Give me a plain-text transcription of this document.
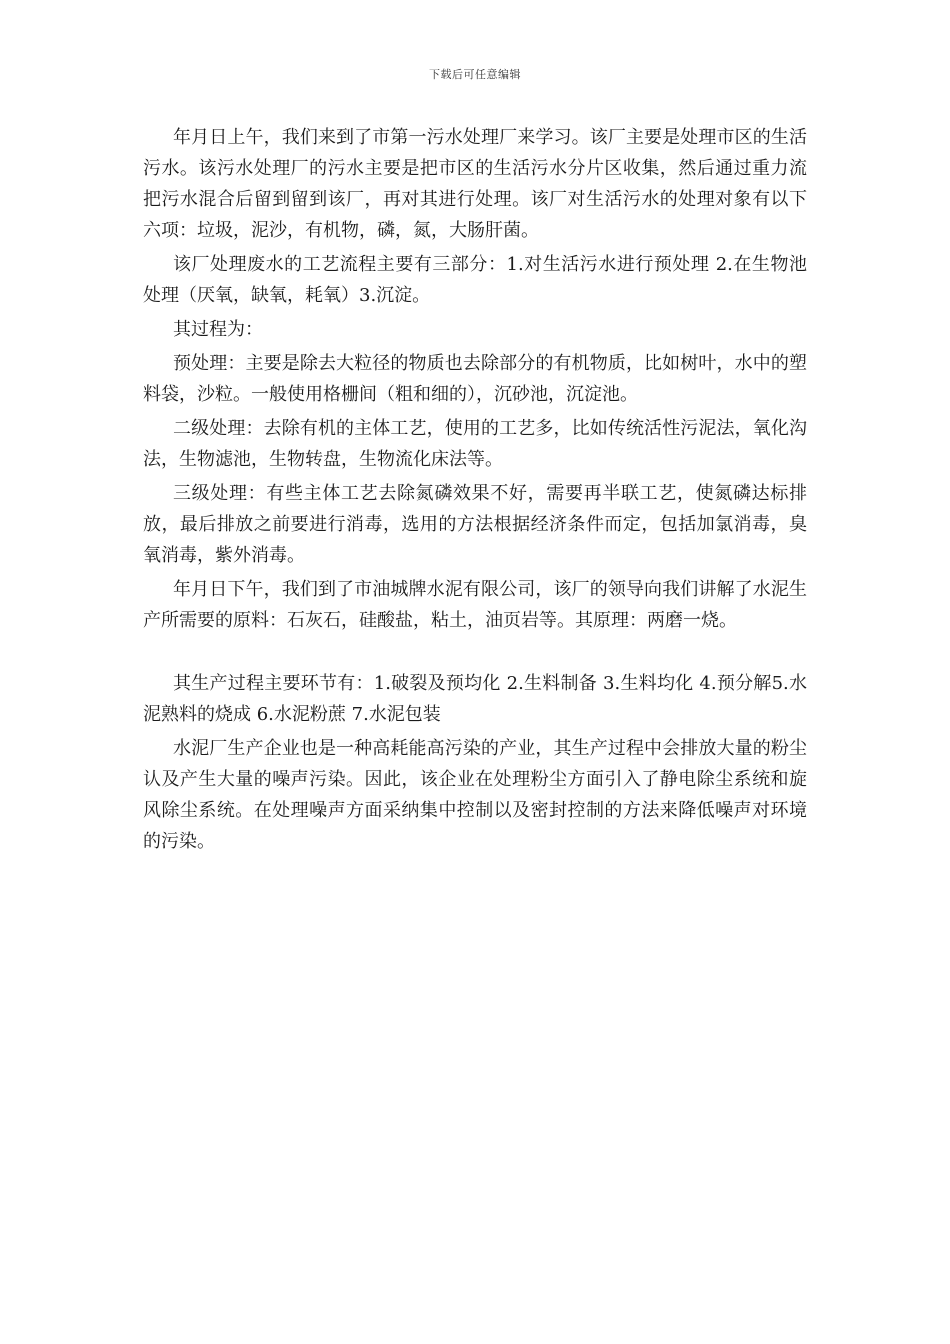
下载后可任意编辑

年月日上午，我们来到了市第一污水处理厂来学习。该厂主要是处理市区的生活污水。该污水处理厂的污水主要是把市区的生活污水分片区收集，然后通过重力流把污水混合后留到留到该厂，再对其进行处理。该厂对生活污水的处理对象有以下六项：垃圾，泥沙，有机物，磷，氮，大肠肝菌。

该厂处理废水的工艺流程主要有三部分：1.对生活污水进行预处理 2.在生物池处理（厌氧，缺氧，耗氧）3.沉淀。

其过程为：

预处理：主要是除去大粒径的物质也去除部分的有机物质，比如树叶，水中的塑料袋，沙粒。一般使用格栅间（粗和细的），沉砂池，沉淀池。

二级处理：去除有机的主体工艺，使用的工艺多，比如传统活性污泥法，氧化沟法，生物滤池，生物转盘，生物流化床法等。

三级处理：有些主体工艺去除氮磷效果不好，需要再半联工艺，使氮磷达标排放，最后排放之前要进行消毒，选用的方法根据经济条件而定，包括加氯消毒，臭氧消毒，紫外消毒。

年月日下午，我们到了市油城牌水泥有限公司，该厂的领导向我们讲解了水泥生产所需要的原料：石灰石，硅酸盐，粘土，油页岩等。其原理：两磨一烧。

其生产过程主要环节有：1.破裂及预均化 2.生料制备 3.生料均化 4.预分解5.水泥熟料的烧成 6.水泥粉蔗 7.水泥包装

水泥厂生产企业也是一种高耗能高污染的产业，其生产过程中会排放大量的粉尘认及产生大量的噪声污染。因此，该企业在处理粉尘方面引入了静电除尘系统和旋风除尘系统。在处理噪声方面采纳集中控制以及密封控制的方法来降低噪声对环境的污染。
